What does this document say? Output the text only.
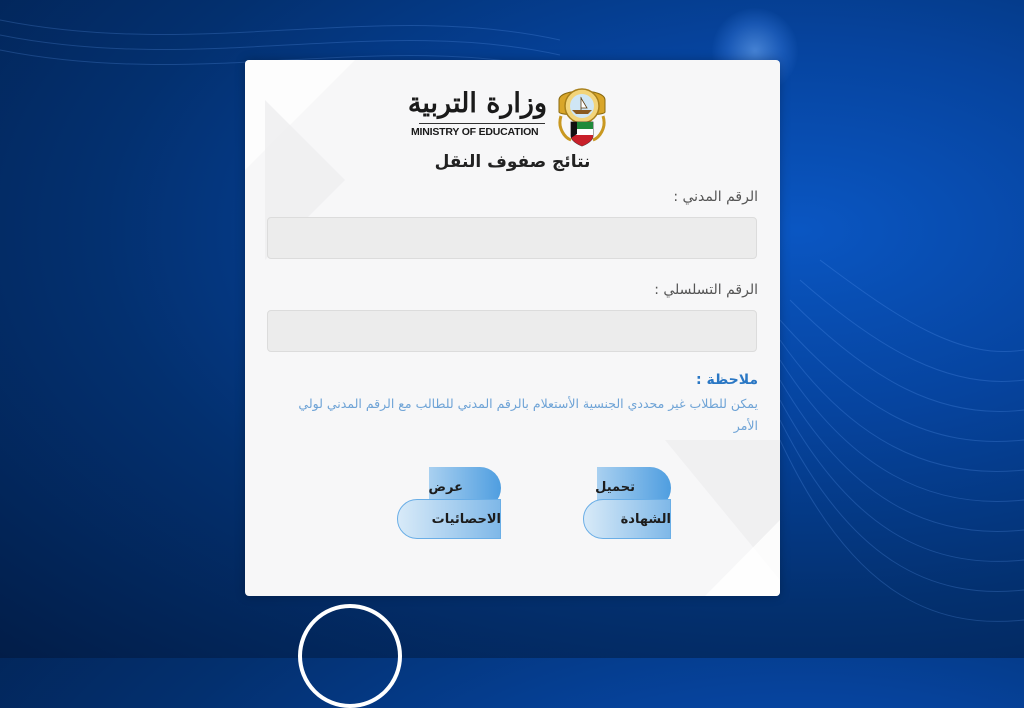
وزارة التربية
MINISTRY OF EDUCATION
نتائج صفوف النقل
الرقم المدني :
الرقم التسلسلي :
ملاحظة :
يمكن للطلاب غير محددي الجنسية الأستعلام بالرقم المدني للطالب مع الرقم المدني لولي الأمر
تحميل
الشهادة
عرض
الاحصائيات
